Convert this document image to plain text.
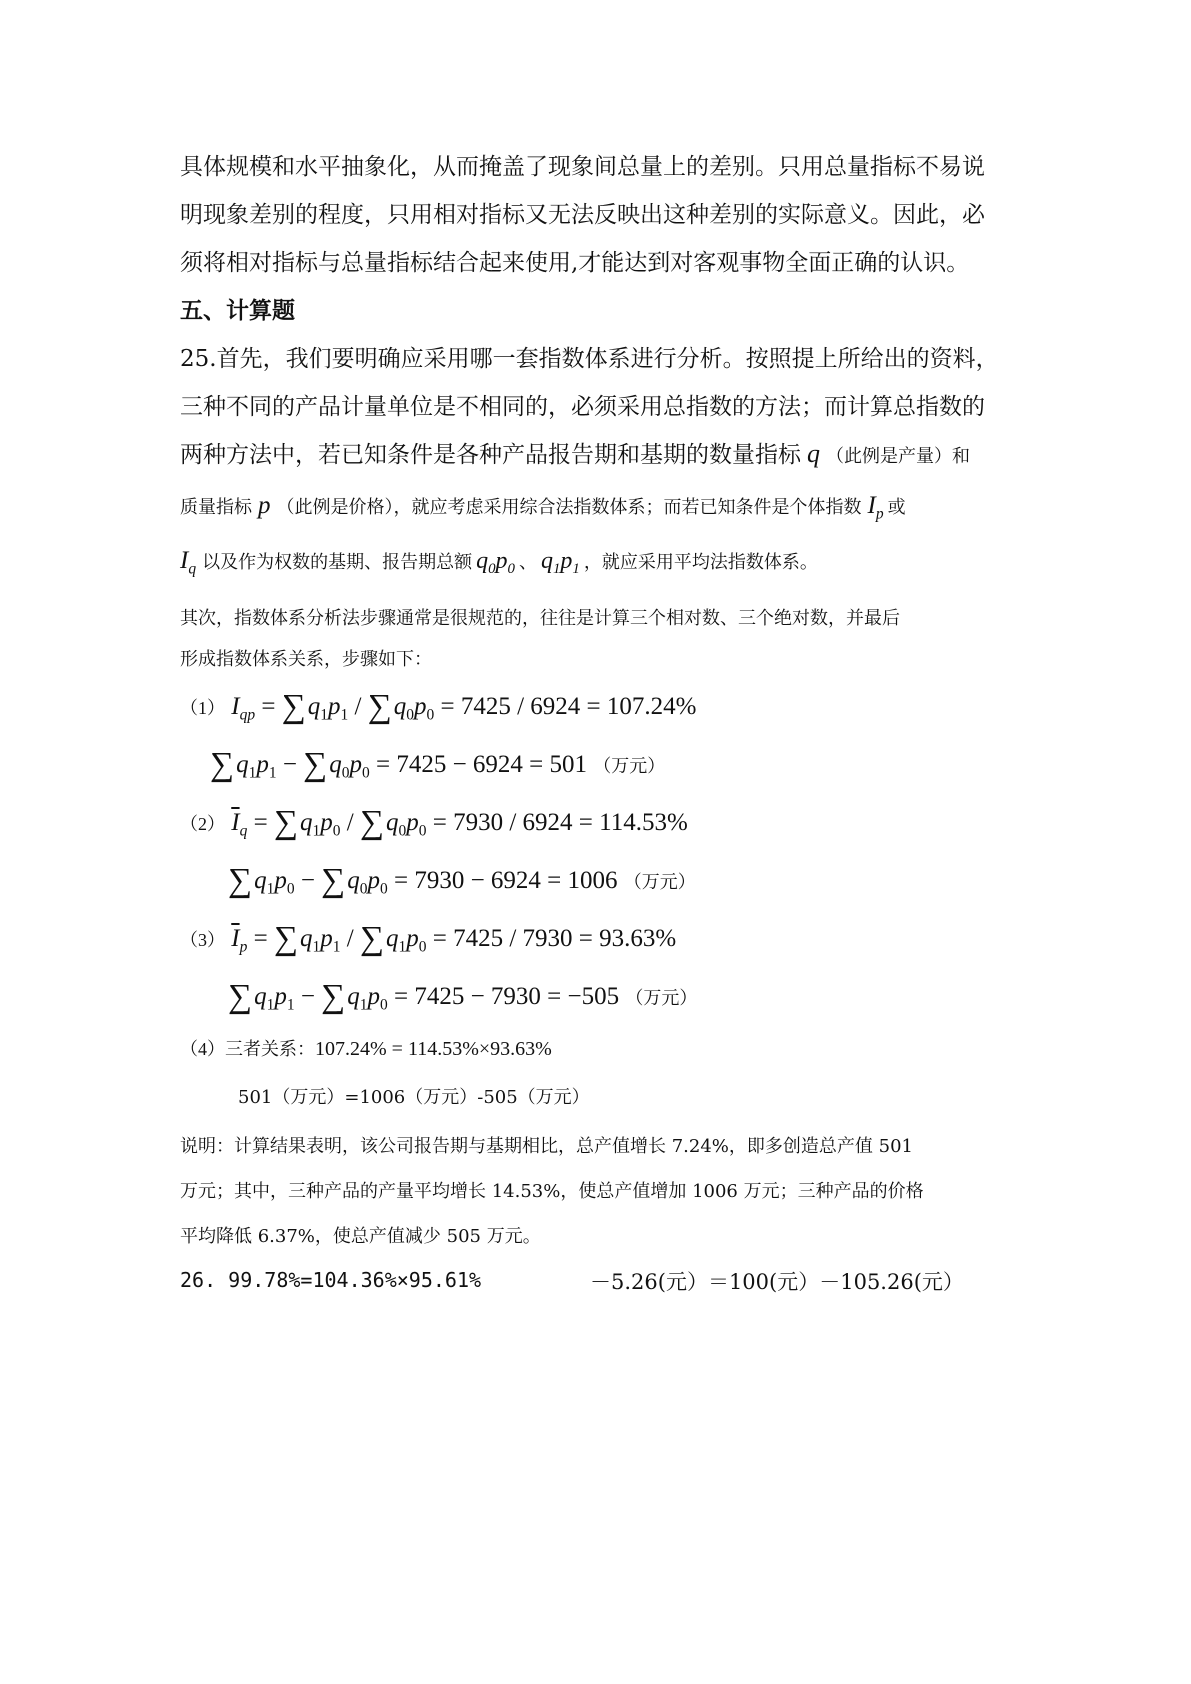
具体规模和水平抽象化，从而掩盖了现象间总量上的差别。只用总量指标不易说
明现象差别的程度，只用相对指标又无法反映出这种差别的实际意义。因此，必
须将相对指标与总量指标结合起来使用,才能达到对客观事物全面正确的认识。
五、计算题
25.首先，我们要明确应采用哪一套指数体系进行分析。按照提上所给出的资料，
三种不同的产品计量单位是不相同的，必须采用总指数的方法；而计算总指数的
两种方法中，若已知条件是各种产品报告期和基期的数量指标 q （此例是产量）和
质量指标 p （此例是价格），就应考虑采用综合法指数体系；而若已知条件是个体指数 $I_p$ 或
$I_q$ 以及作为权数的基期、报告期总额 $q_0p_0$ 、 $q_1p_1$ ，就应采用平均法指数体系。
其次，指数体系分析法步骤通常是很规范的，往往是计算三个相对数、三个绝对数，并最后
形成指数体系关系，步骤如下：
（1） $I_{qp} = \sum q_1p_1 / \sum q_0p_0 = 7425 / 6924 = 107.24\%$
$\sum q_1p_1 - \sum q_0p_0 = 7425 - 6924 = 501$ （万元）
（2） $\overline{I}_q = \sum q_1p_0 / \sum q_0p_0 = 7930 / 6924 = 114.53\%$
$\sum q_1p_0 - \sum q_0p_0 = 7930 - 6924 = 1006$ （万元）
（3） $\overline{I}_p = \sum q_1p_1 / \sum q_1p_0 = 7425 / 7930 = 93.63\%$
$\sum q_1p_1 - \sum q_1p_0 = 7425 - 7930 = -505$ （万元）
（4）三者关系：107.24% = 114.53%×93.63%
501（万元）=1006（万元）-505（万元）
说明：计算结果表明，该公司报告期与基期相比，总产值增长 7.24%，即多创造总产值 501
万元；其中，三种产品的产量平均增长 14.53%，使总产值增加 1006 万元；三种产品的价格
平均降低 6.37%，使总产值减少 505 万元。
26. 99.78%=104.36%×95.61%	－5.26(元）＝100(元）－105.26(元）
